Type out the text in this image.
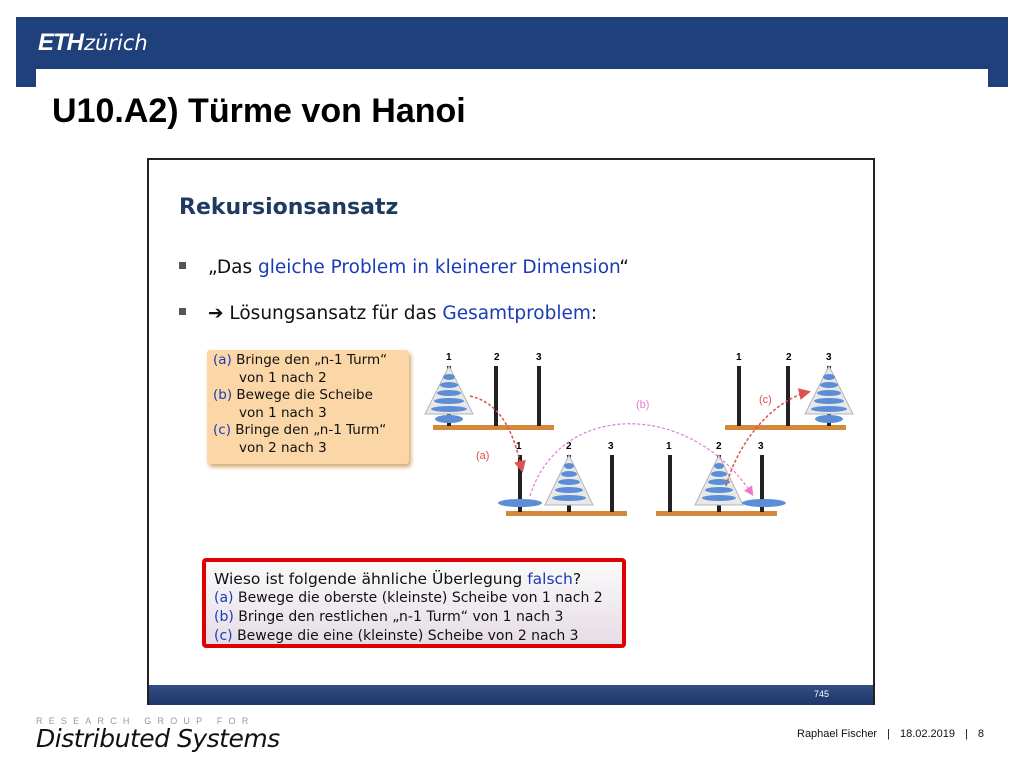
ETHzürich
U10.A2) Türme von Hanoi
Rekursionsansatz
„Das gleiche Problem in kleinerer Dimension“
➔ Lösungsansatz für das Gesamtproblem:
(a) Bringe den „n-1 Turm“
von 1 nach 2
(b) Bewege die Scheibe
von 1 nach 3
(c) Bringe den „n-1 Turm“
von 2 nach 3
Wieso ist folgende ähnliche Überlegung falsch?
(a) Bewege die oberste (kleinste) Scheibe von 1 nach 2
(b) Bringe den restlichen „n-1 Turm“ von 1 nach 3
(c) Bewege die eine (kleinste) Scheibe von 2 nach 3
745
1	2	3
1	2	3	1	2	3
1	2	3
(a)
(b)	(c)
RESEARCH GROUP FOR
Distributed Systems	Raphael Fischer | 18.02.2019 | 8
